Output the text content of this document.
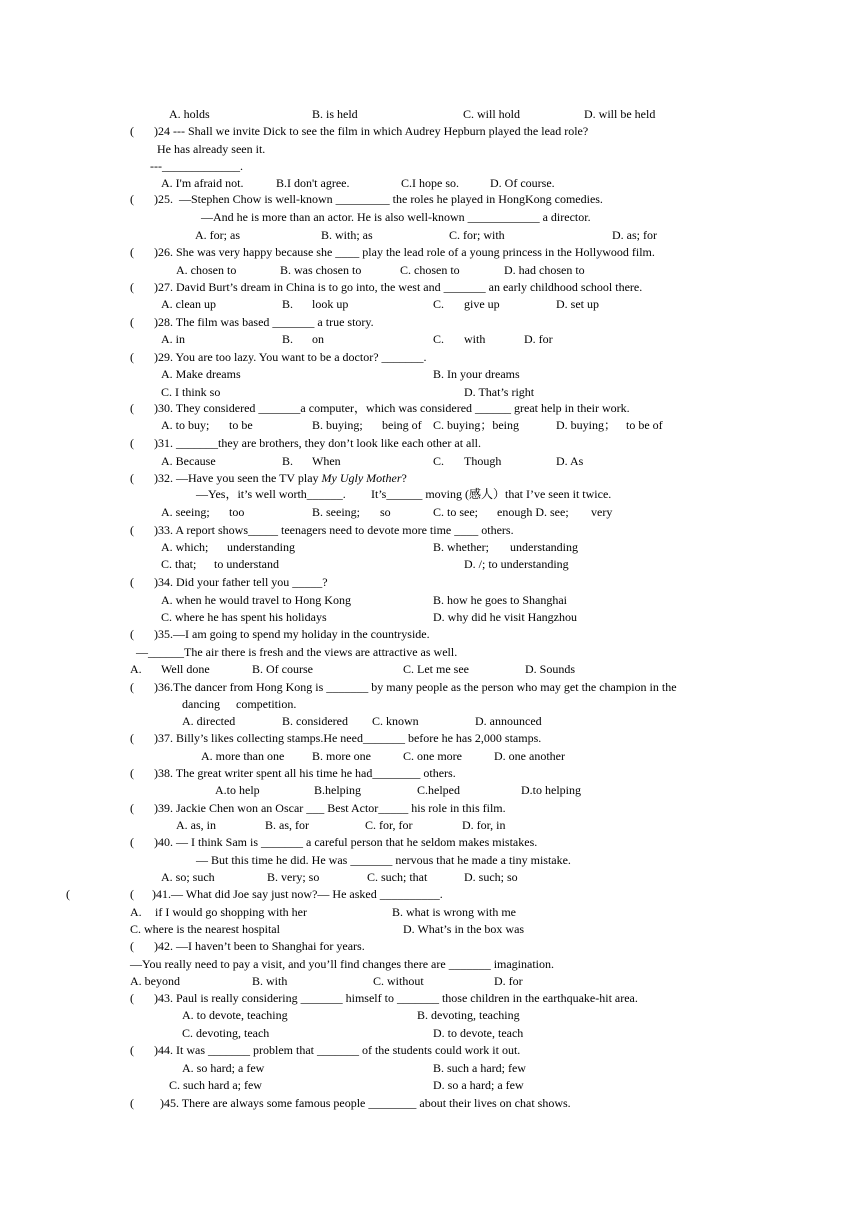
A. holds	B. is held	C. will hold	D. will be held
( )24 --- Shall we invite Dick to see the film in which Audrey Hepburn played the lead role?
He has already seen it.
---_____________.
A. I'm afraid not.	B.I don't agree.	C.I hope so.	D. Of course.
( )25.  —Stephen Chow is well-known _________ the roles he played in HongKong comedies.
—And he is more than an actor. He is also well-known ____________ a director.
A. for; as	B. with; as	C. for; with	D. as; for
( )26. She was very happy because she ____ play the lead role of a young princess in the Hollywood film.
A. chosen to	B. was chosen to	C. chosen to	D. had chosen to
( )27. David Burt’s dream in China is to go into, the west and _______ an early childhood school there.
A. clean up	B. look up	C. give up	D. set up
( )28. The film was based _______ a true story.
A. in	B. on	C. with	D. for
( )29. You are too lazy. You want to be a doctor? _______.
A. Make dreams	B. In your dreams
C. I think so	D. That’s right
( )30. They considered _______a computer，which was considered ______ great help in their work.
A. to buy; to be	B. buying; being of C. buying；being	D. buying； to be of
( )31. _______they are brothers, they don’t look like each other at all.
A. Because	B. When	C. Though	D. As
( )32. —Have you seen the TV play My Ugly Mother?
—Yes，it’s well worth______. It’s______ moving (感人）that I’ve seen it twice.
A. seeing; too	B. seeing; so	C. to see; enough D. see; very
( )33. A report shows_____ teenagers need to devote more time ____ others.
A. which; understanding	B. whether; understanding
C. that; to understand	D. /; to understanding
( )34. Did your father tell you _____?
A. when he would travel to Hong Kong	B. how he goes to Shanghai
C. where he has spent his holidays	D. why did he visit Hangzhou
( )35.—I am going to spend my holiday in the countryside.
—______The air there is fresh and the views are attractive as well.
A. Well done	B. Of course	C. Let me see	D. Sounds
( )36.The dancer from Hong Kong is _______ by many people as the person who may get the champion in the
dancing competition.
A. directed	B. considered C. known	D. announced
( )37. Billy’s likes collecting stamps.He need_______ before he has 2,000 stamps.
A. more than one B. more one	C. one more	D. one another
( )38. The great writer spent all his time he had________ others.
A.to help	B.helping	C.helped	D.to helping
( )39. Jackie Chen won an Oscar ___ Best Actor_____ his role in this film.
A. as, in	B. as, for	C. for, for	D. for, in
( )40. — I think Sam is _______ a careful person that he seldom makes mistakes.
— But this time he did. He was _______ nervous that he made a tiny mistake.
A. so; such	B. very; so	C. such; that	D. such; so
(	( )41.— What did Joe say just now?— He asked __________.
A. if I would go shopping with her	B. what is wrong with me
C. where is the nearest hospital	D. What’s in the box was
( )42. —I haven’t been to Shanghai for years.
—You really need to pay a visit, and you’ll find changes there are _______ imagination.
A. beyond	B. with	C. without	D. for
( )43. Paul is really considering _______ himself to _______ those children in the earthquake-hit area.
A. to devote, teaching	B. devoting, teaching
C. devoting, teach	D. to devote, teach
( )44. It was _______ problem that _______ of the students could work it out.
A. so hard; a few	B. such a hard; few
C. such hard a; few	D. so a hard; a few
( )45. There are always some famous people ________ about their lives on chat shows.
